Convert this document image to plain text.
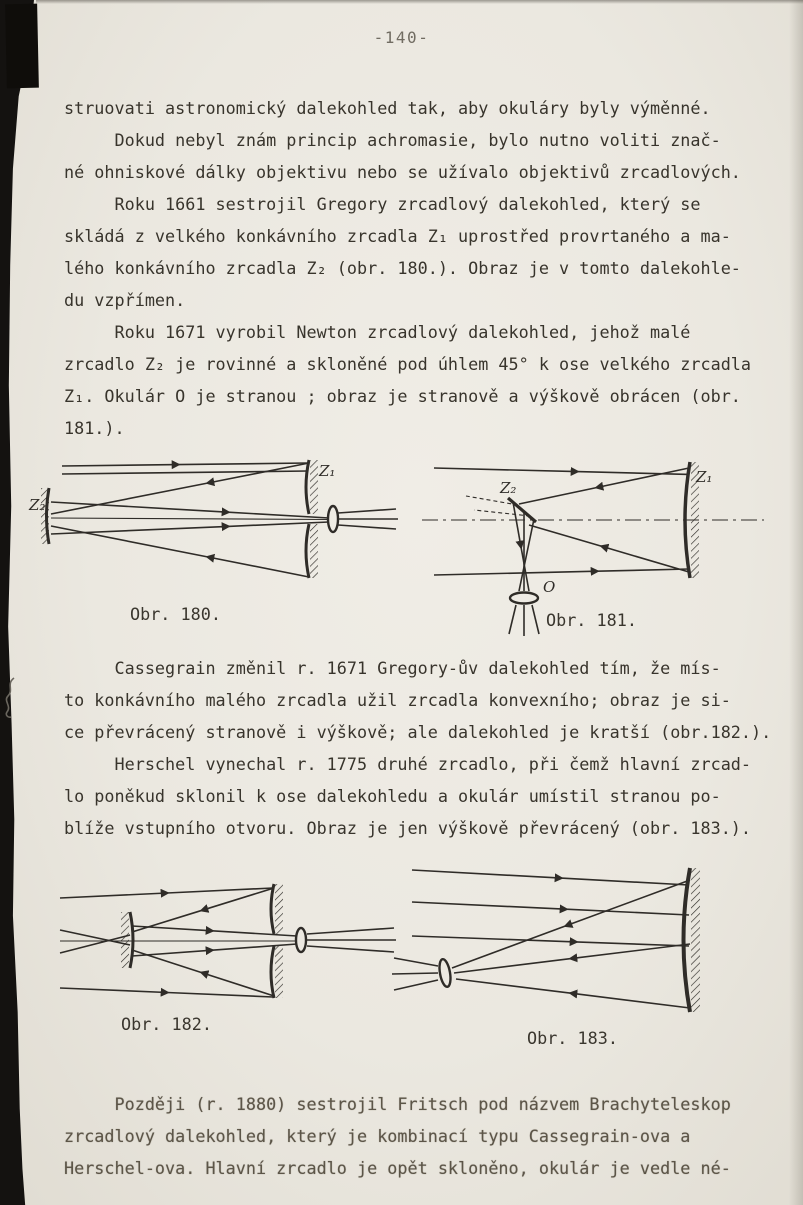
-140-
struovati astronomický dalekohled tak, aby okuláry byly výměnné.
Dokud nebyl znám princip achromasie, bylo nutno voliti znač-
né ohniskové dálky objektivu nebo se užívalo objektivů zrcadlových.
Roku 1661 sestrojil Gregory zrcadlový dalekohled, který se
skládá z velkého konkávního zrcadla Z₁ uprostřed provrtaného a ma-
lého konkávního zrcadla Z₂ (obr. 180.). Obraz je v tomto dalekohle-
du vzpřímen.
Roku 1671 vyrobil Newton zrcadlový dalekohled, jehož malé
zrcadlo Z₂ je rovinné a skloněné pod úhlem 45° k ose velkého zrcadla
Z₁. Okulár O je stranou ; obraz je stranově a výškově obrácen (obr.
181.).
Z₁
Z₂
Z₁
Z₂
O
Obr. 180.	Obr. 181.
Cassegrain změnil r. 1671 Gregory-ův dalekohled tím, že mís-
to konkávního malého zrcadla užil zrcadla konvexního; obraz je si-
ce převrácený stranově i výškově; ale dalekohled je kratší (obr.182.).
Herschel vynechal r. 1775 druhé zrcadlo, při čemž hlavní zrcad-
lo poněkud sklonil k ose dalekohledu a okulár umístil stranou po-
blíže vstupního otvoru. Obraz je jen výškově převrácený (obr. 183.).
Obr. 182.
Obr. 183.
Později (r. 1880) sestrojil Fritsch pod názvem Brachyteleskop
zrcadlový dalekohled, který je kombinací typu Cassegrain-ova a
Herschel-ova. Hlavní zrcadlo je opět skloněno, okulár je vedle né-
